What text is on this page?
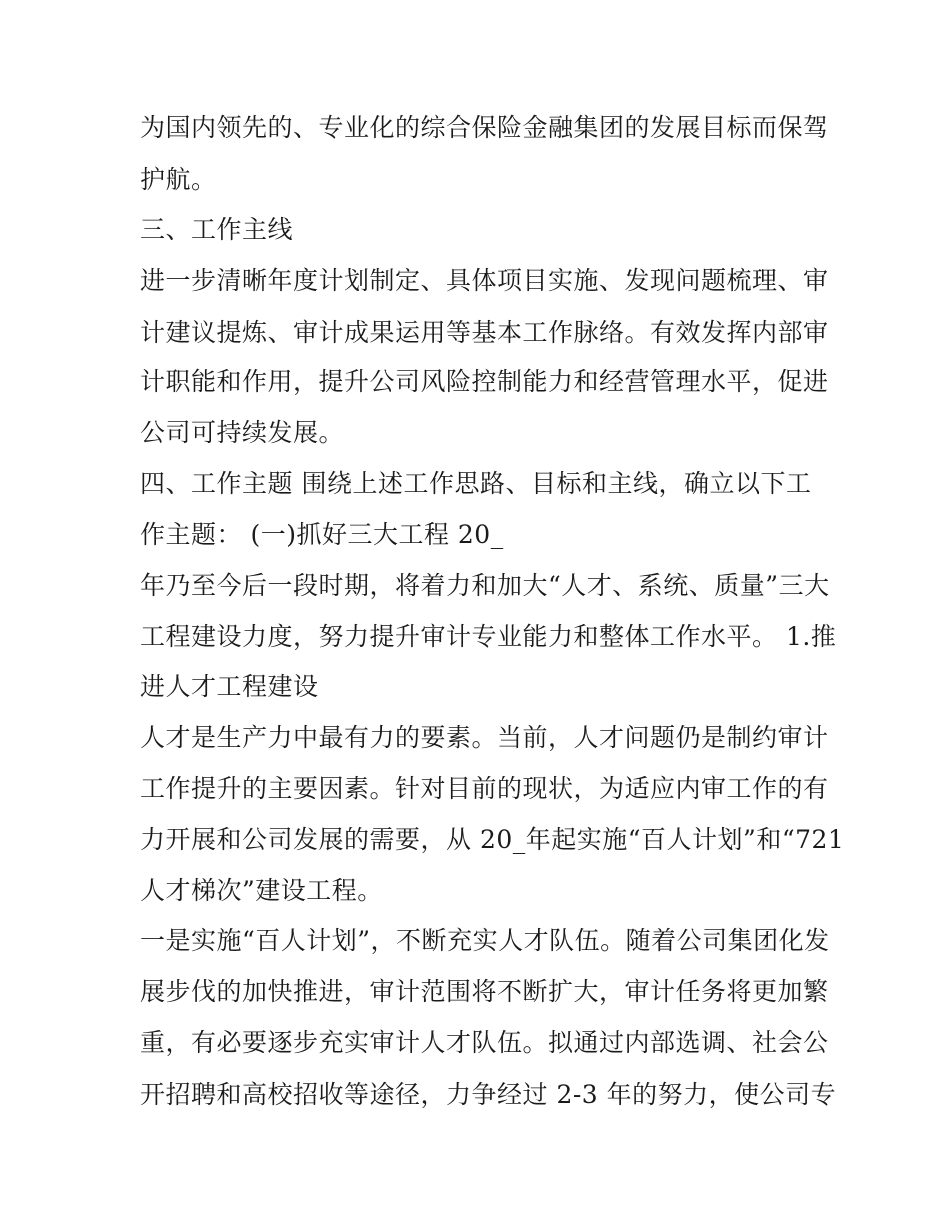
为国内领先的、专业化的综合保险金融集团的发展目标而保驾
护航。
三、工作主线
进一步清晰年度计划制定、具体项目实施、发现问题梳理、审
计建议提炼、审计成果运用等基本工作脉络。有效发挥内部审
计职能和作用，提升公司风险控制能力和经营管理水平，促进
公司可持续发展。
四、工作主题 围绕上述工作思路、目标和主线，确立以下工
作主题： (一)抓好三大工程 20_
年乃至今后一段时期，将着力和加大“人才、系统、质量”三大
工程建设力度，努力提升审计专业能力和整体工作水平。 1.推
进人才工程建设
人才是生产力中最有力的要素。当前，人才问题仍是制约审计
工作提升的主要因素。针对目前的现状，为适应内审工作的有
力开展和公司发展的需要，从 20_年起实施“百人计划”和“721
人才梯次”建设工程。
一是实施“百人计划”，不断充实人才队伍。随着公司集团化发
展步伐的加快推进，审计范围将不断扩大，审计任务将更加繁
重，有必要逐步充实审计人才队伍。拟通过内部选调、社会公
开招聘和高校招收等途径，力争经过 2-3 年的努力，使公司专
